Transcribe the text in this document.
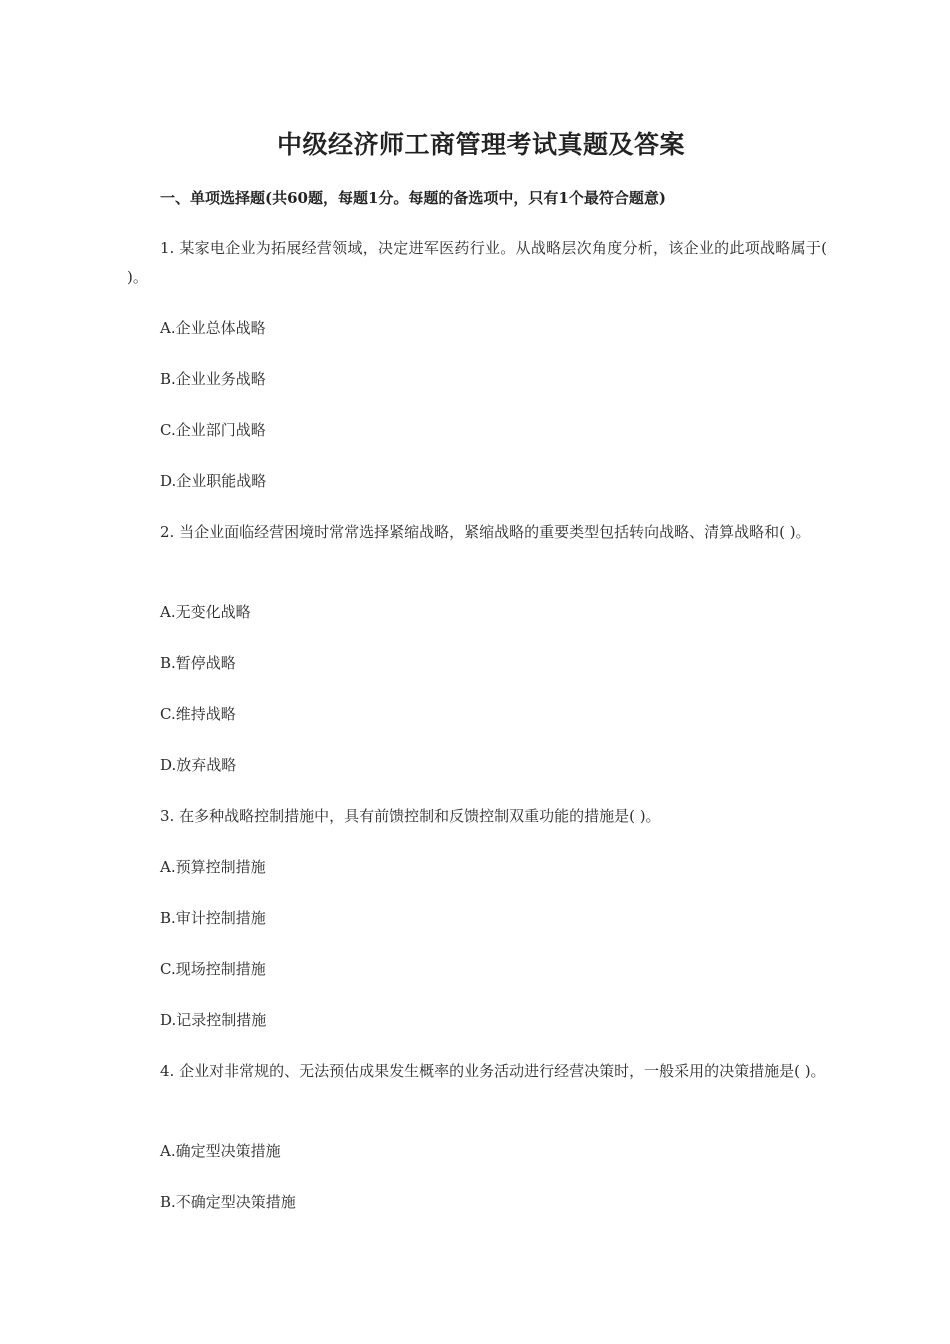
中级经济师工商管理考试真题及答案
一、单项选择题(共60题，每题1分。每题的备选项中，只有1个最符合题意)
1. 某家电企业为拓展经营领域，决定进军医药行业。从战略层次角度分析，该企业的此项战略属于( )。
A.企业总体战略
B.企业业务战略
C.企业部门战略
D.企业职能战略
2. 当企业面临经营困境时常常选择紧缩战略，紧缩战略的重要类型包括转向战略、清算战略和( )。
A.无变化战略
B.暂停战略
C.维持战略
D.放弃战略
3. 在多种战略控制措施中，具有前馈控制和反馈控制双重功能的措施是( )。
A.预算控制措施
B.审计控制措施
C.现场控制措施
D.记录控制措施
4. 企业对非常规的、无法预估成果发生概率的业务活动进行经营决策时，一般采用的决策措施是( )。
A.确定型决策措施
B.不确定型决策措施
